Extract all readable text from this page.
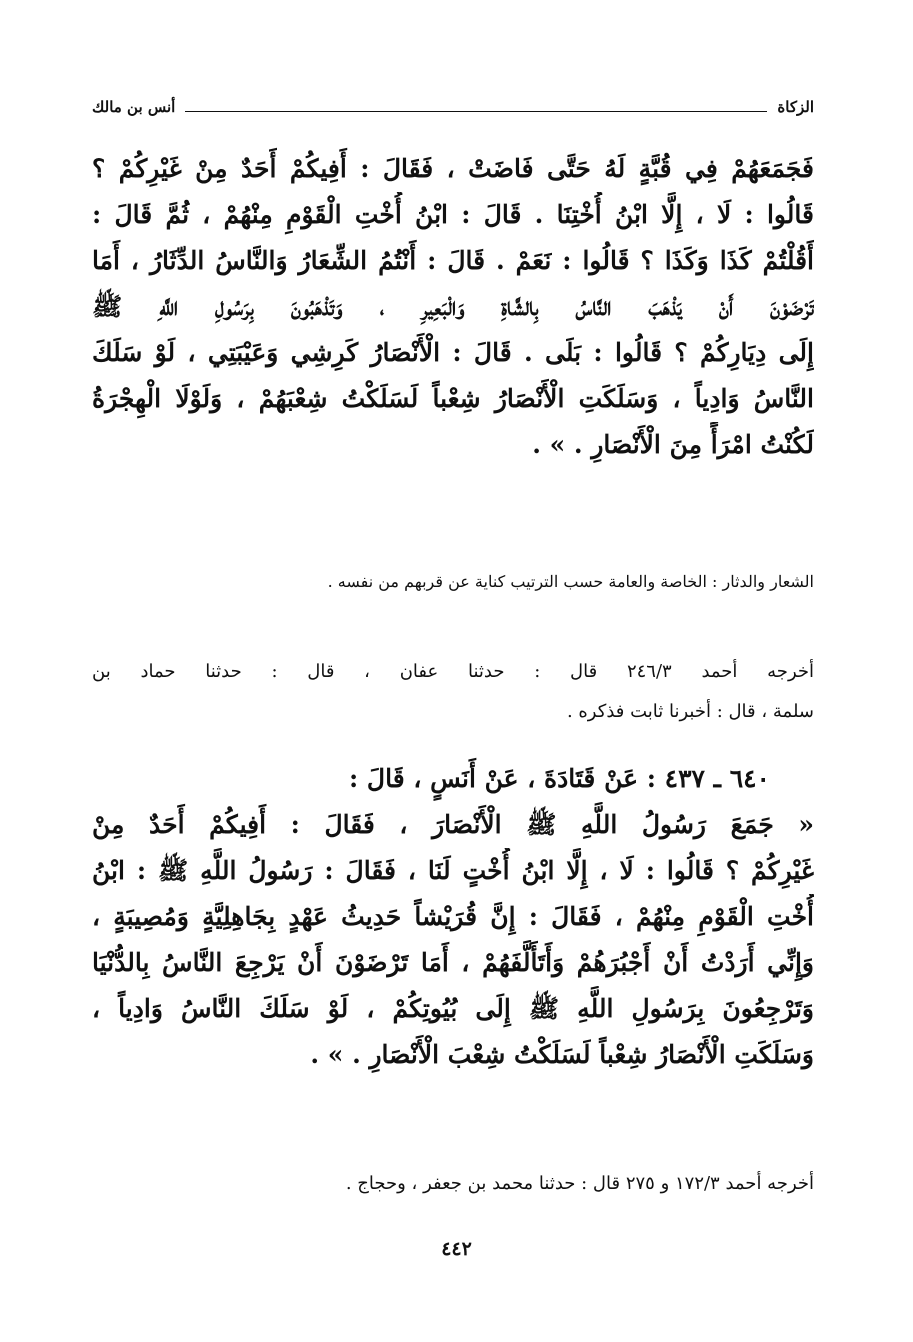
الزكاة
أنس بن مالك
فَجَمَعَهُمْ فِي قُبَّةٍ لَهُ حَتَّى فَاضَتْ ، فَقَالَ : أَفِيكُمْ أَحَدٌ مِنْ غَيْرِكُمْ ؟
قَالُوا : لَا ، إِلَّا ابْنُ أُخْتِنَا . قَالَ : ابْنُ أُخْتِ الْقَوْمِ مِنْهُمْ ، ثُمَّ قَالَ :
أَقُلْتُمْ كَذَا وَكَذَا ؟ قَالُوا : نَعَمْ . قَالَ : أَنْتُمُ الشِّعَارُ وَالنَّاسُ الدِّثَارُ ، أَمَا
تَرْضَوْنَ أَنْ يَذْهَبَ النَّاسُ بِالشَّاةِ وَالْبَعِيرِ ، وَتَذْهَبُونَ بِرَسُولِ اللَّهِ ﷺ
إِلَى دِيَارِكُمْ ؟ قَالُوا : بَلَى . قَالَ : الْأَنْصَارُ كَرِشِي وَعَيْبَتِي ، لَوْ سَلَكَ
النَّاسُ وَادِياً ، وَسَلَكَتِ الْأَنْصَارُ شِعْباً لَسَلَكْتُ شِعْبَهُمْ ، وَلَوْلَا الْهِجْرَةُ
لَكُنْتُ امْرَأً مِنَ الْأَنْصَارِ . » .
الشعار والدثار : الخاصة والعامة حسب الترتيب كناية عن قربهم من نفسه .
أخرجه أحمد ٢٤٦/٣ قال : حدثنا عفان ، قال : حدثنا حماد بن
سلمة ، قال : أخبرنا ثابت فذكره .
٦٤٠ ـ ٤٣٧ : عَنْ قَتَادَةَ ، عَنْ أَنَسٍ ، قَالَ :
« جَمَعَ رَسُولُ اللَّهِ ﷺ الْأَنْصَارَ ، فَقَالَ : أَفِيكُمْ أَحَدٌ مِنْ
غَيْرِكُمْ ؟ قَالُوا : لَا ، إِلَّا ابْنُ أُخْتٍ لَنَا ، فَقَالَ : رَسُولُ اللَّهِ ﷺ : ابْنُ
أُخْتِ الْقَوْمِ مِنْهُمْ ، فَقَالَ : إِنَّ قُرَيْشاً حَدِيثُ عَهْدٍ بِجَاهِلِيَّةٍ وَمُصِيبَةٍ ،
وَإِنِّي أَرَدْتُ أَنْ أَجْبُرَهُمْ وَأَتَأَلَّفَهُمْ ، أَمَا تَرْضَوْنَ أَنْ يَرْجِعَ النَّاسُ بِالدُّنْيَا
وَتَرْجِعُونَ بِرَسُولِ اللَّهِ ﷺ إِلَى بُيُوتِكُمْ ، لَوْ سَلَكَ النَّاسُ وَادِياً ،
وَسَلَكَتِ الْأَنْصَارُ شِعْباً لَسَلَكْتُ شِعْبَ الْأَنْصَارِ . » .
أخرجه أحمد ١٧٢/٣ و ٢٧٥ قال : حدثنا محمد بن جعفر ، وحجاج .
٤٤٢
